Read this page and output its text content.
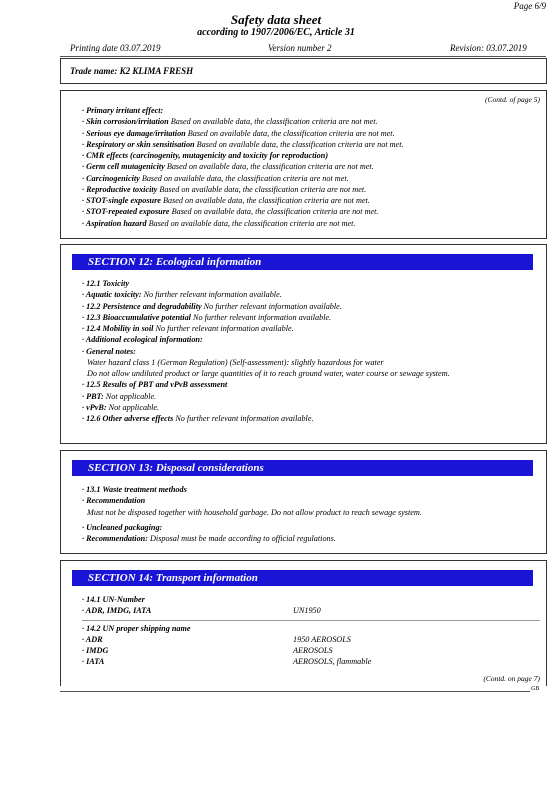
Page 6/9
Safety data sheet
according to 1907/2006/EC, Article 31
Printing date 03.07.2019	Version number 2	Revision: 03.07.2019
Trade name: K2 KLIMA FRESH
(Contd. of page 5)
· Primary irritant effect:
· Skin corrosion/irritation Based on available data, the classification criteria are not met.
· Serious eye damage/irritation Based on available data, the classification criteria are not met.
· Respiratory or skin sensitisation Based on available data, the classification criteria are not met.
· CMR effects (carcinogenity, mutagenicity and toxicity for reproduction)
· Germ cell mutagenicity Based on available data, the classification criteria are not met.
· Carcinogenicity Based on available data, the classification criteria are not met.
· Reproductive toxicity Based on available data, the classification criteria are not met.
· STOT-single exposure Based on available data, the classification criteria are not met.
· STOT-repeated exposure Based on available data, the classification criteria are not met.
· Aspiration hazard Based on available data, the classification criteria are not met.
SECTION 12: Ecological information
· 12.1 Toxicity
· Aquatic toxicity: No further relevant information available.
· 12.2 Persistence and degradability No further relevant information available.
· 12.3 Bioaccumulative potential No further relevant information available.
· 12.4 Mobility in soil No further relevant information available.
· Additional ecological information:
· General notes:
Water hazard class 1 (German Regulation) (Self-assessment): slightly hazardous for water
Do not allow undiluted product or large quantities of it to reach ground water, water course or sewage system.
· 12.5 Results of PBT and vPvB assessment
· PBT: Not applicable.
· vPvB: Not applicable.
· 12.6 Other adverse effects No further relevant information available.
SECTION 13: Disposal considerations
· 13.1 Waste treatment methods
· Recommendation
Must not be disposed together with household garbage. Do not allow product to reach sewage system.
· Uncleaned packaging:
· Recommendation: Disposal must be made according to official regulations.
SECTION 14: Transport information
· 14.1 UN-Number
· ADR, IMDG, IATA	UN1950
· 14.2 UN proper shipping name
· ADR	1950 AEROSOLS
· IMDG	AEROSOLS
· IATA	AEROSOLS, flammable
(Contd. on page 7)
GB
